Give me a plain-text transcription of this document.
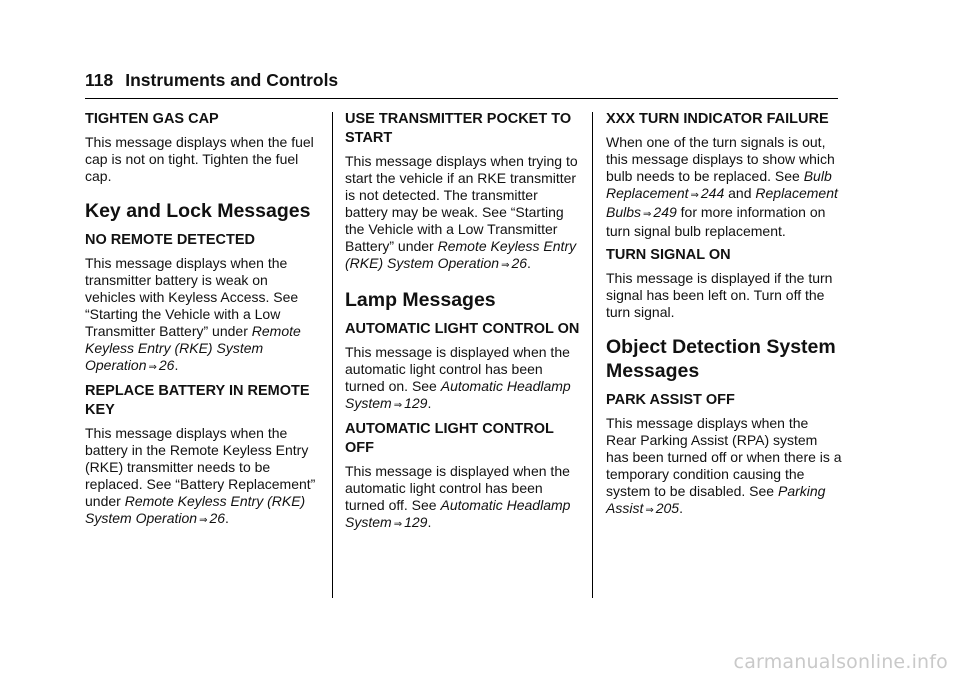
118 Instruments and Controls
TIGHTEN GAS CAP

This message displays when the fuel cap is not on tight. Tighten the fuel cap.

Key and Lock Messages
NO REMOTE DETECTED

This message displays when the transmitter battery is weak on vehicles with Keyless Access. See “Starting the Vehicle with a Low Transmitter Battery” under Remote Keyless Entry (RKE) System Operation ⇒ 26.

REPLACE BATTERY IN REMOTE KEY

This message displays when the battery in the Remote Keyless Entry (RKE) transmitter needs to be replaced. See “Battery Replacement” under Remote Keyless Entry (RKE) System Operation ⇒ 26.

USE TRANSMITTER POCKET TO START

This message displays when trying to start the vehicle if an RKE transmitter is not detected. The transmitter battery may be weak. See “Starting the Vehicle with a Low Transmitter Battery” under Remote Keyless Entry (RKE) System Operation ⇒ 26.

Lamp Messages
AUTOMATIC LIGHT CONTROL ON

This message is displayed when the automatic light control has been turned on. See Automatic Headlamp System ⇒ 129.

AUTOMATIC LIGHT CONTROL OFF

This message is displayed when the automatic light control has been turned off. See Automatic Headlamp System ⇒ 129.

XXX TURN INDICATOR FAILURE

When one of the turn signals is out, this message displays to show which bulb needs to be replaced. See Bulb Replacement ⇒ 244 and Replacement Bulbs ⇒ 249 for more information on turn signal bulb replacement.

TURN SIGNAL ON

This message is displayed if the turn signal has been left on. Turn off the turn signal.

Object Detection System Messages
PARK ASSIST OFF

This message displays when the Rear Parking Assist (RPA) system has been turned off or when there is a temporary condition causing the system to be disabled. See Parking Assist ⇒ 205.

carmanualsonline.info
